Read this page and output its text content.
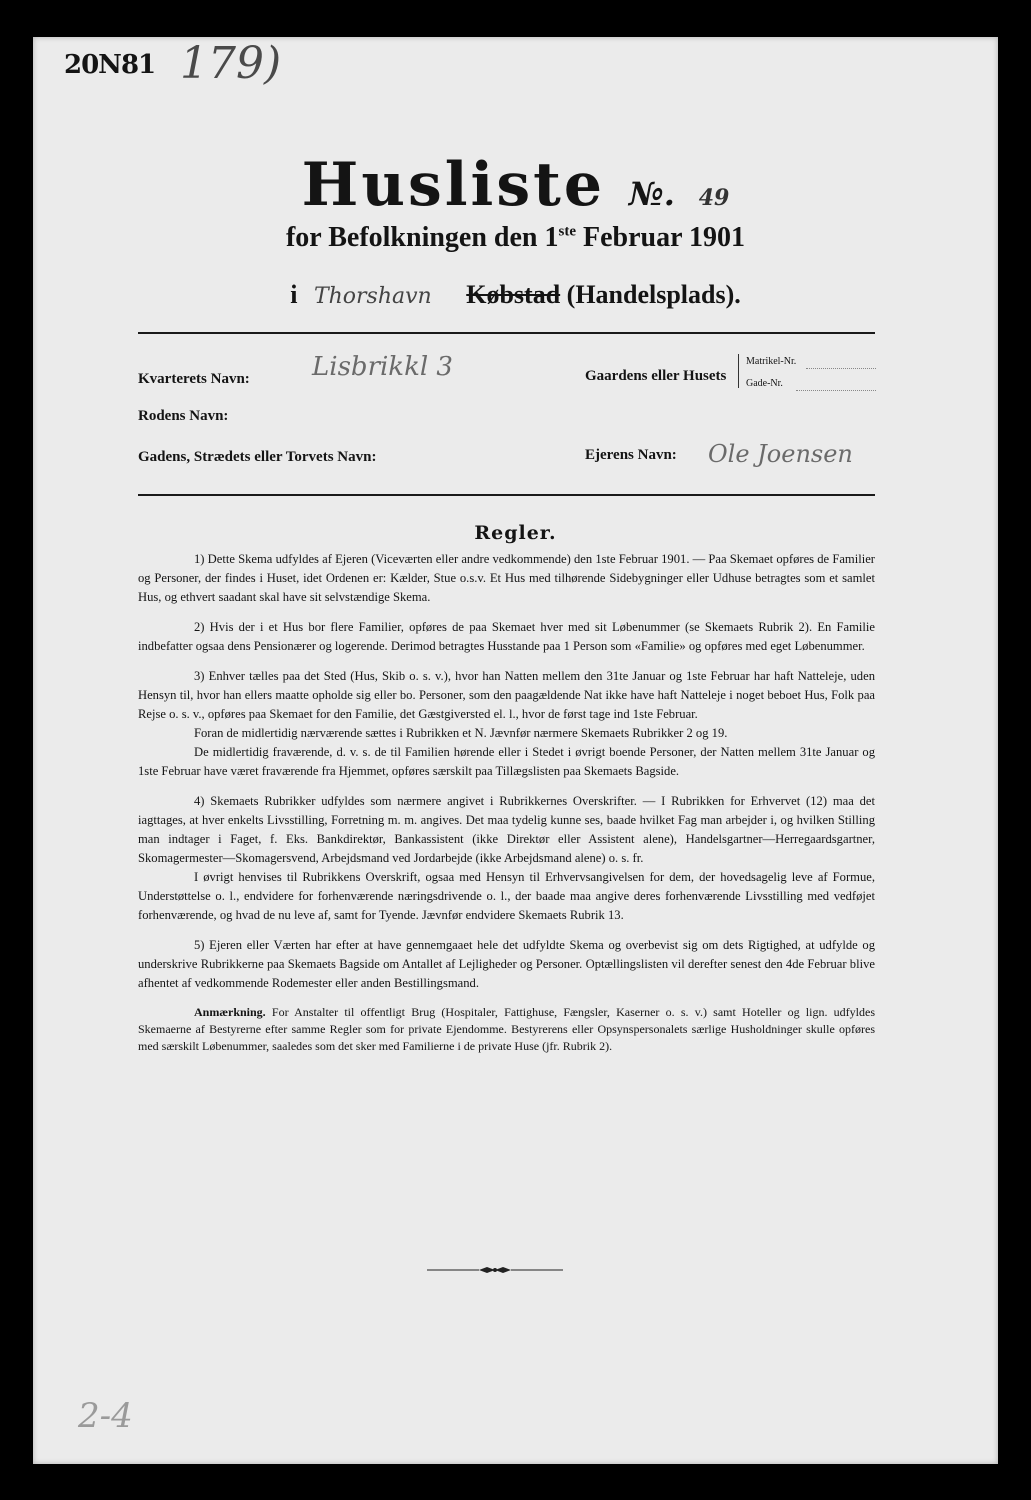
20N81 179)
Husliste №. 49
for Befolkningen den 1ste Februar 1901
i Thorshavn Købstad (Handelsplads).
Kvarterets Navn: Lisbrikkl 3	Gaardens eller Husets
Matrikel-Nr.
Gade-Nr.
Rodens Navn:
Gadens, Strædets eller Torvets Navn:	Ejerens Navn: Ole Joensen
Regler.

1) Dette Skema udfyldes af Ejeren (Viceværten eller andre vedkommende) den 1ste Februar 1901. — Paa Skemaet opføres de Familier og Personer, der findes i Huset, idet Ordenen er: Kælder, Stue o.s.v. Et Hus med tilhørende Sidebygninger eller Udhuse betragtes som et samlet Hus, og ethvert saadant skal have sit selvstændige Skema.

2) Hvis der i et Hus bor flere Familier, opføres de paa Skemaet hver med sit Løbenummer (se Skemaets Rubrik 2). En Familie indbefatter ogsaa dens Pensionærer og logerende. Derimod betragtes Husstande paa 1 Person som «Familie» og opføres med eget Løbenummer.

3) Enhver tælles paa det Sted (Hus, Skib o. s. v.), hvor han Natten mellem den 31te Januar og 1ste Februar har haft Natteleje, uden Hensyn til, hvor han ellers maatte opholde sig eller bo. Personer, som den paagældende Nat ikke have haft Natteleje i noget beboet Hus, Folk paa Rejse o. s. v., opføres paa Skemaet for den Familie, det Gæstgiversted el. l., hvor de først tage ind 1ste Februar.

Foran de midlertidig nærværende sættes i Rubrikken et N. Jævnfør nærmere Skemaets Rubrikker 2 og 19.

De midlertidig fraværende, d. v. s. de til Familien hørende eller i Stedet i øvrigt boende Personer, der Natten mellem 31te Januar og 1ste Februar have været fraværende fra Hjemmet, opføres særskilt paa Tillægslisten paa Skemaets Bagside.

4) Skemaets Rubrikker udfyldes som nærmere angivet i Rubrikkernes Overskrifter. — I Rubrikken for Erhvervet (12) maa det iagttages, at hver enkelts Livsstilling, Forretning m. m. angives. Det maa tydelig kunne ses, baade hvilket Fag man arbejder i, og hvilken Stilling man indtager i Faget, f. Eks. Bankdirektør, Bankassistent (ikke Direktør eller Assistent alene), Handelsgartner—Herregaardsgartner, Skomagermester—Skomagersvend, Arbejdsmand ved Jordarbejde (ikke Arbejdsmand alene) o. s. fr.

I øvrigt henvises til Rubrikkens Overskrift, ogsaa med Hensyn til Erhvervsangivelsen for dem, der hovedsagelig leve af Formue, Understøttelse o. l., endvidere for forhenværende næringsdrivende o. l., der baade maa angive deres forhenværende Livsstilling med vedføjet forhenværende, og hvad de nu leve af, samt for Tyende. Jævnfør endvidere Skemaets Rubrik 13.

5) Ejeren eller Værten har efter at have gennemgaaet hele det udfyldte Skema og overbevist sig om dets Rigtighed, at udfylde og underskrive Rubrikkerne paa Skemaets Bagside om Antallet af Lejligheder og Personer. Optællingslisten vil derefter senest den 4de Februar blive afhentet af vedkommende Rodemester eller anden Bestillingsmand.

Anmærkning. For Anstalter til offentligt Brug (Hospitaler, Fattighuse, Fængsler, Kaserner o. s. v.) samt Hoteller og lign. udfyldes Skemaerne af Bestyrerne efter samme Regler som for private Ejendomme. Bestyrerens eller Opsynspersonalets særlige Husholdninger skulle opføres med særskilt Løbenummer, saaledes som det sker med Familierne i de private Huse (jfr. Rubrik 2).

2-4
